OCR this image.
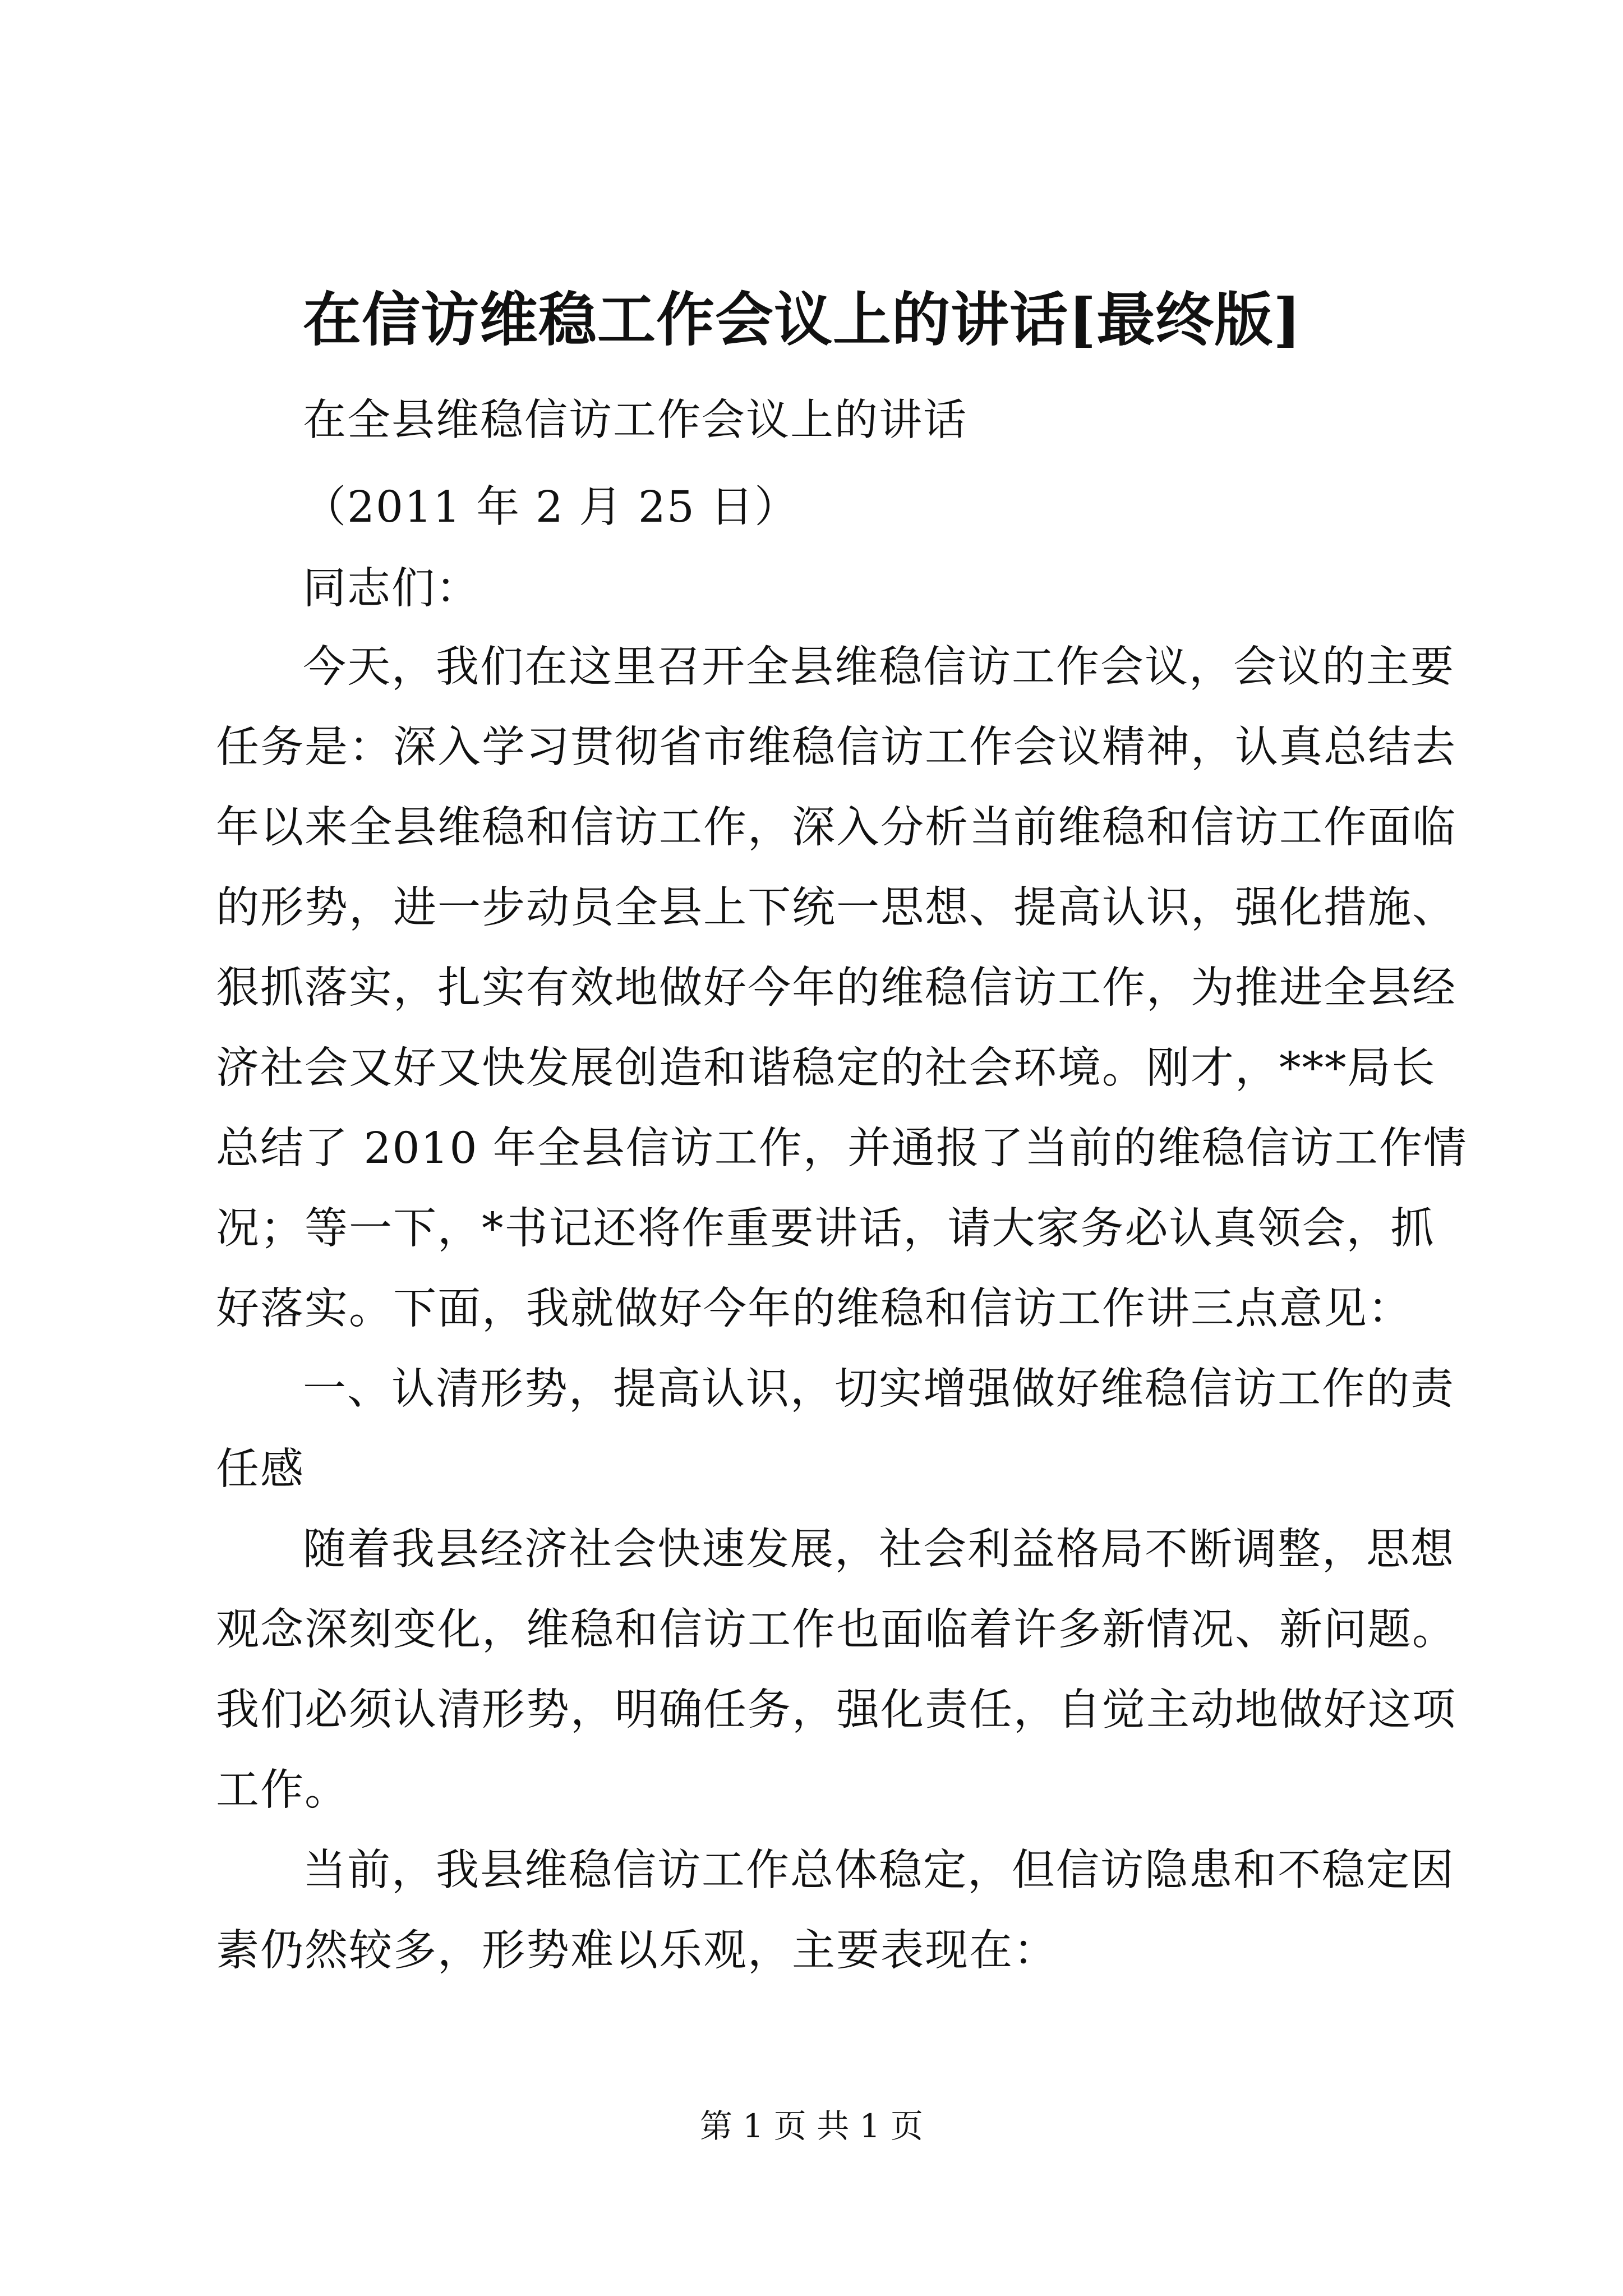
在信访维稳工作会议上的讲话[最终版]
在全县维稳信访工作会议上的讲话
（2011 年 2 月 25 日）
同志们：
今天，我们在这里召开全县维稳信访工作会议，会议的主要
任务是：深入学习贯彻省市维稳信访工作会议精神，认真总结去
年以来全县维稳和信访工作，深入分析当前维稳和信访工作面临
的形势，进一步动员全县上下统一思想、提高认识，强化措施、
狠抓落实，扎实有效地做好今年的维稳信访工作，为推进全县经
济社会又好又快发展创造和谐稳定的社会环境。刚才，***局长
总结了 2010 年全县信访工作，并通报了当前的维稳信访工作情
况；等一下，*书记还将作重要讲话，请大家务必认真领会，抓
好落实。下面，我就做好今年的维稳和信访工作讲三点意见：
一、认清形势，提高认识，切实增强做好维稳信访工作的责
任感
随着我县经济社会快速发展，社会利益格局不断调整，思想
观念深刻变化，维稳和信访工作也面临着许多新情况、新问题。
我们必须认清形势，明确任务，强化责任，自觉主动地做好这项
工作。
当前，我县维稳信访工作总体稳定，但信访隐患和不稳定因
素仍然较多，形势难以乐观，主要表现在：
第 1 页 共 1 页
